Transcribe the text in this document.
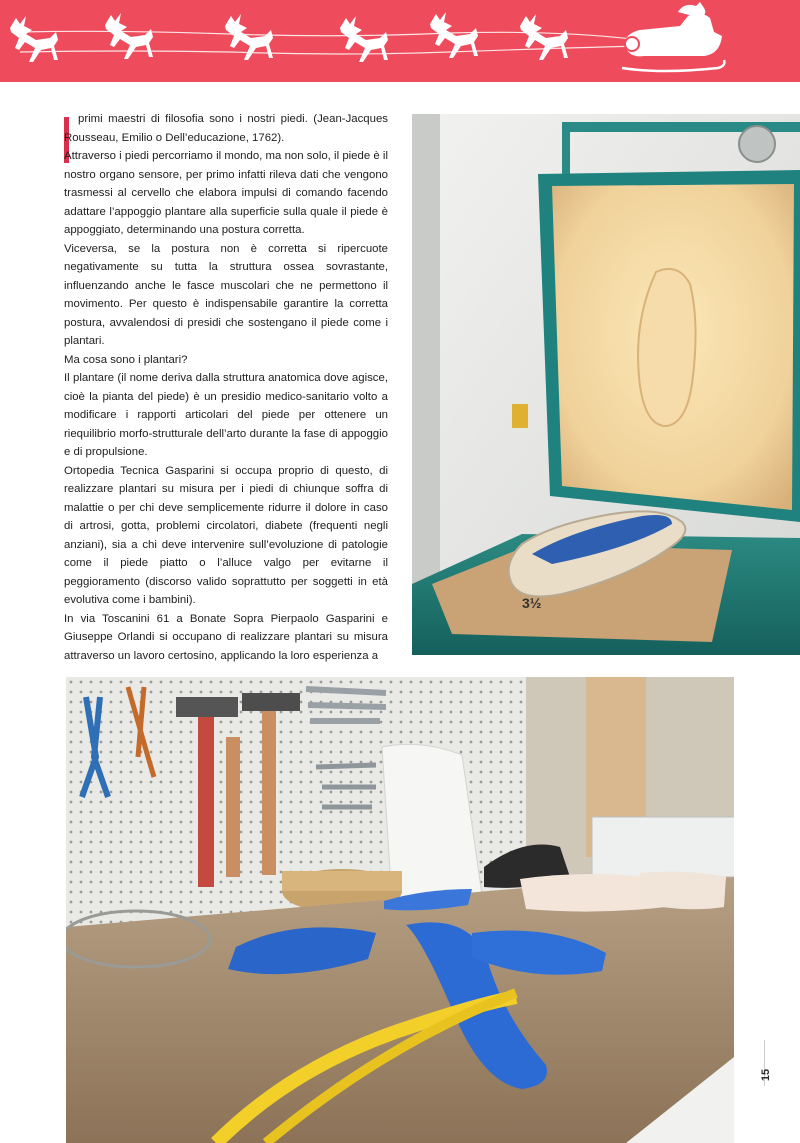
primi maestri di filosofia sono i nostri piedi. (Jean-Jacques Rousseau, Emilio o Dell’educazione, 1762).

Attraverso i piedi percorriamo il mondo, ma non solo, il piede è il nostro organo sensore, per primo infatti rileva dati che vengono trasmessi al cervello che elabora impulsi di comando facendo adattare l’appoggio plantare alla superficie sulla quale il piede è appoggiato, determinando una postura corretta.

Viceversa, se la postura non è corretta si ripercuote negativamente su tutta la struttura ossea sovrastante, influenzando anche le fasce muscolari che ne permettono il movimento. Per questo è indispensabile garantire la corretta postura, avvalendosi di presidi che sostengano il piede come i plantari.

Ma cosa sono i plantari?

Il plantare (il nome deriva dalla struttura anatomica dove agisce, cioè la pianta del piede) è un presidio medico-sanitario volto a modificare i rapporti articolari del piede per ottenere un riequilibrio morfo-strutturale dell’arto durante la fase di appoggio e di propulsione.

Ortopedia Tecnica Gasparini si occupa proprio di questo, di realizzare plantari su misura per i piedi di chiunque soffra di malattie o per chi deve semplicemente ridurre il dolore in caso di artrosi, gotta, problemi circolatori, diabete (frequenti negli anziani), sia a chi deve intervenire sull’evoluzione di patologie come il piede piatto o l’alluce valgo per evitarne il peggioramento (discorso valido soprattutto per soggetti in età evolutiva come i bambini).

In via Toscanini 61 a Bonate Sopra Pierpaolo Gasparini e Giuseppe Orlandi si occupano di realizzare plantari su misura attraverso un lavoro certosino, applicando la loro esperienza a

3½
15
